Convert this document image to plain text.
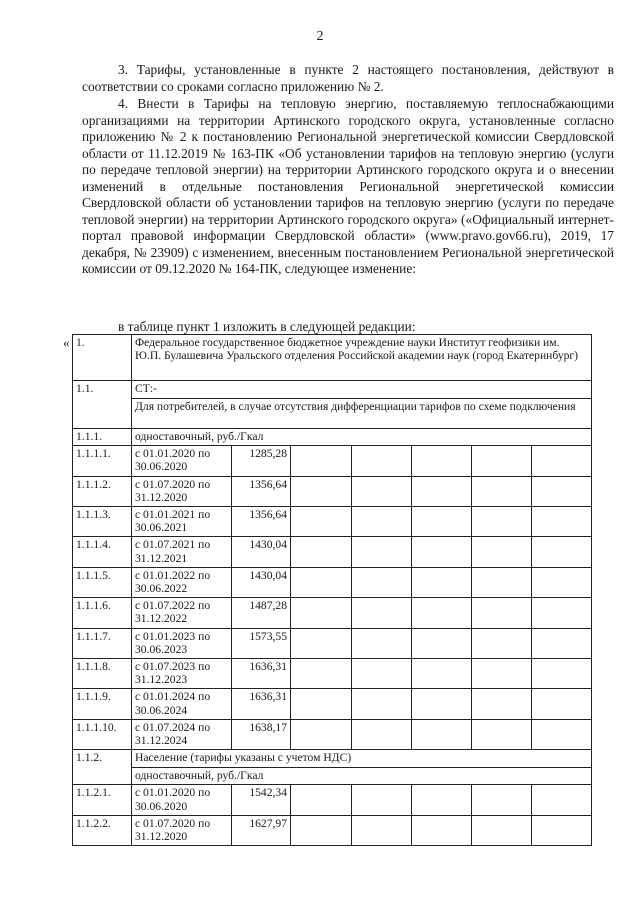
2
3. Тарифы, установленные в пункте 2 настоящего постановления, действуют в соответствии со сроками согласно приложению № 2.
4. Внести в Тарифы на тепловую энергию, поставляемую теплоснабжающими организациями на территории Артинского городского округа, установленные согласно приложению № 2 к постановлению Региональной энергетической комиссии Свердловской области от 11.12.2019 № 163-ПК «Об установлении тарифов на тепловую энергию (услуги по передаче тепловой энергии) на территории Артинского городского округа и о внесении изменений в отдельные постановления Региональной энергетической комиссии Свердловской области об установлении тарифов на тепловую энергию (услуги по передаче тепловой энергии) на территории Артинского городского округа» («Официальный интернет-портал правовой информации Свердловской области» (www.pravo.gov66.ru), 2019, 17 декабря, № 23909) с изменением, внесенным постановлением Региональной энергетической комиссии от 09.12.2020 № 164-ПК, следующее изменение:
в таблице пункт 1 изложить в следующей редакции:
« 1.	Федеральное государственное бюджетное учреждение науки Институт геофизики им. Ю.П. Булашевича Уральского отделения Российской академии наук (город Екатеринбург)						
1.1.	СТ:-						
	Для потребителей, в случае отсутствия дифференциации тарифов по схеме подключения						
1.1.1.	одноставочный, руб./Гкал						
1.1.1.1.	с 01.01.2020 по 30.06.2020	1285,28					
1.1.1.2.	с 01.07.2020 по 31.12.2020	1356,64					
1.1.1.3.	с 01.01.2021 по 30.06.2021	1356,64					
1.1.1.4.	с 01.07.2021 по 31.12.2021	1430,04					
1.1.1.5.	с 01.01.2022 по 30.06.2022	1430,04					
1.1.1.6.	с 01.07.2022 по 31.12.2022	1487,28					
1.1.1.7.	с 01.01.2023 по 30.06.2023	1573,55					
1.1.1.8.	с 01.07.2023 по 31.12.2023	1636,31					
1.1.1.9.	с 01.01.2024 по 30.06.2024	1636,31					
1.1.1.10.	с 01.07.2024 по 31.12.2024	1638,17					
1.1.2.	Население (тарифы указаны с учетом НДС)						
	одноставочный, руб./Гкал						
1.1.2.1.	с 01.01.2020 по 30.06.2020	1542,34					
1.1.2.2.	с 01.07.2020 по 31.12.2020	1627,97					
